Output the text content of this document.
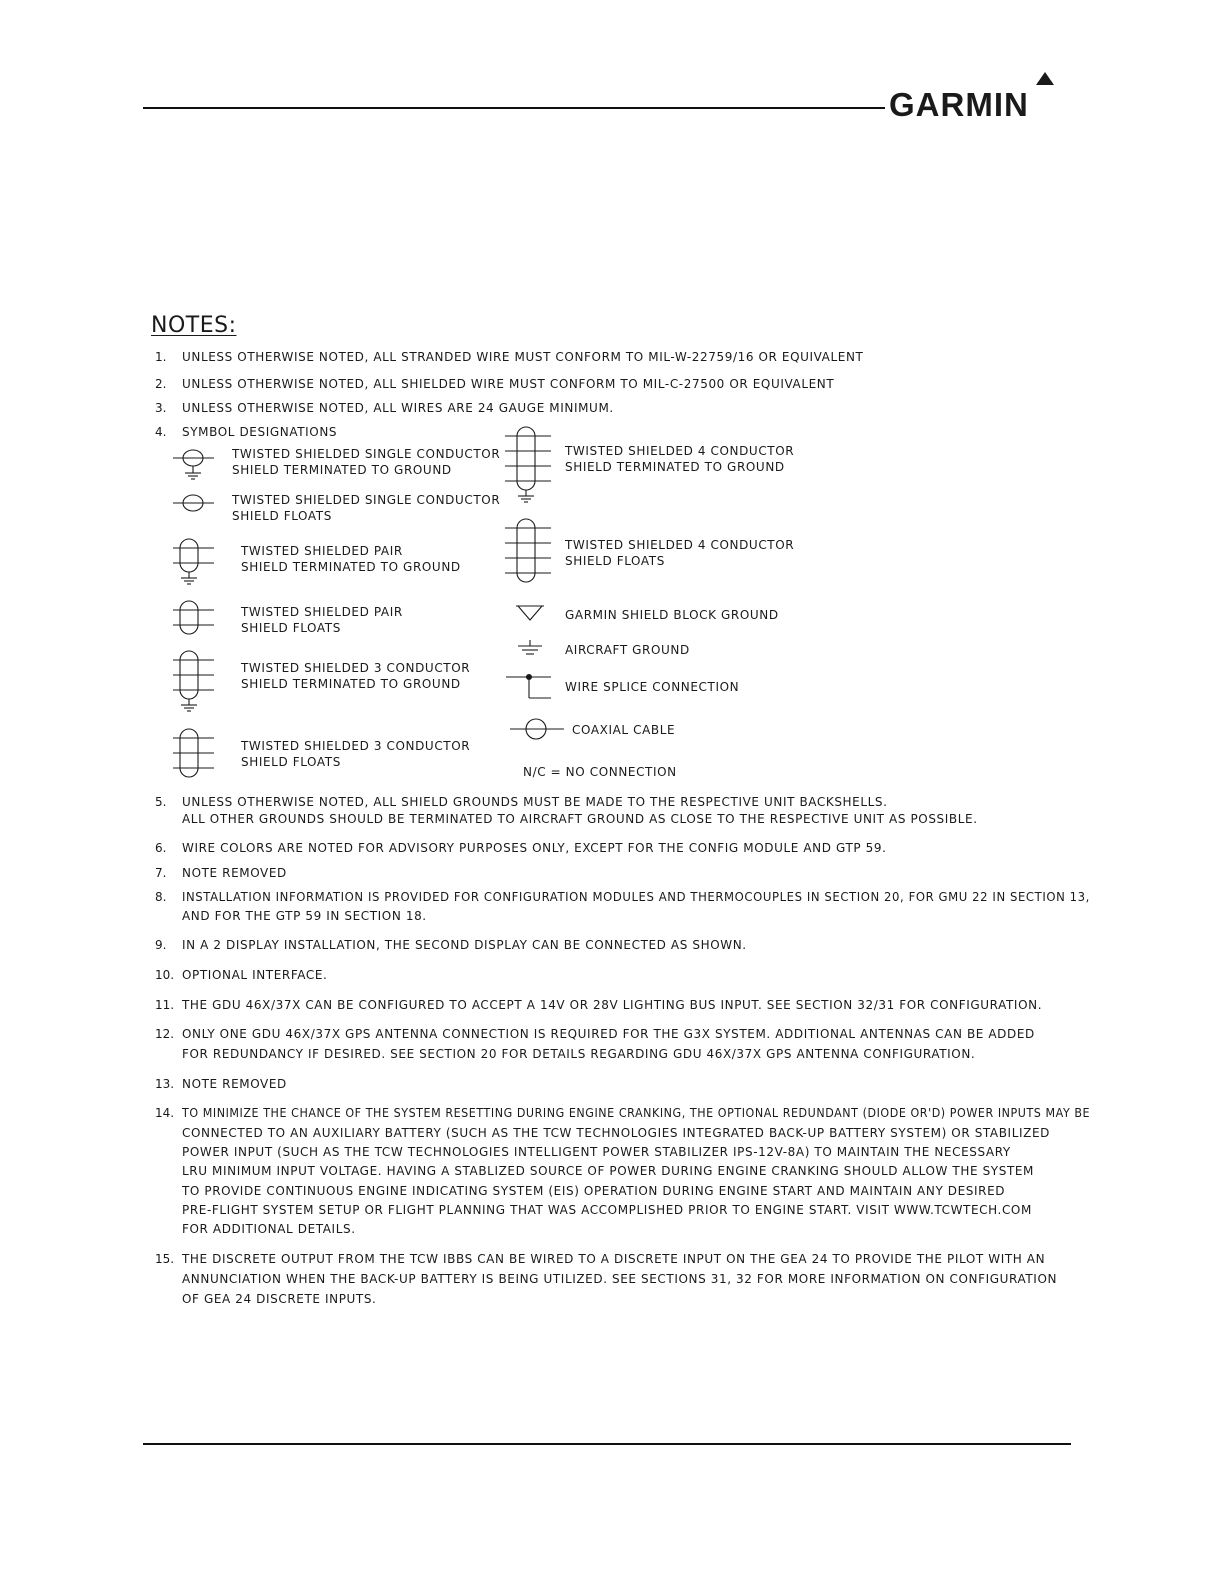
GARMIN
NOTES:
1. UNLESS OTHERWISE NOTED, ALL STRANDED WIRE MUST CONFORM TO MIL-W-22759/16 OR EQUIVALENT
2. UNLESS OTHERWISE NOTED, ALL SHIELDED WIRE MUST CONFORM TO MIL-C-27500 OR EQUIVALENT
3. UNLESS OTHERWISE NOTED, ALL WIRES ARE 24 GAUGE MINIMUM.
4. SYMBOL DESIGNATIONS
TWISTED SHIELDED SINGLE CONDUCTOR
SHIELD TERMINATED TO GROUND
TWISTED SHIELDED SINGLE CONDUCTOR
SHIELD FLOATS
TWISTED SHIELDED PAIR
SHIELD TERMINATED TO GROUND
TWISTED SHIELDED PAIR
SHIELD FLOATS
TWISTED SHIELDED 3 CONDUCTOR
SHIELD TERMINATED TO GROUND
TWISTED SHIELDED 3 CONDUCTOR
SHIELD FLOATS
TWISTED SHIELDED 4 CONDUCTOR
SHIELD TERMINATED TO GROUND
TWISTED SHIELDED 4 CONDUCTOR
SHIELD FLOATS
GARMIN SHIELD BLOCK GROUND
AIRCRAFT GROUND
WIRE SPLICE CONNECTION
COAXIAL CABLE
N/C = NO CONNECTION
5. UNLESS OTHERWISE NOTED, ALL SHIELD GROUNDS MUST BE MADE TO THE RESPECTIVE UNIT BACKSHELLS.
ALL OTHER GROUNDS SHOULD BE TERMINATED TO AIRCRAFT GROUND AS CLOSE TO THE RESPECTIVE UNIT AS POSSIBLE.
6. WIRE COLORS ARE NOTED FOR ADVISORY PURPOSES ONLY, EXCEPT FOR THE CONFIG MODULE AND GTP 59.
7. NOTE REMOVED
8. INSTALLATION INFORMATION IS PROVIDED FOR CONFIGURATION MODULES AND THERMOCOUPLES IN SECTION 20, FOR GMU 22 IN SECTION 13,
AND FOR THE GTP 59 IN SECTION 18.
9. IN A 2 DISPLAY INSTALLATION, THE SECOND DISPLAY CAN BE CONNECTED AS SHOWN.
10. OPTIONAL INTERFACE.
11. THE GDU 46X/37X CAN BE CONFIGURED TO ACCEPT A 14V OR 28V LIGHTING BUS INPUT. SEE SECTION 32/31 FOR CONFIGURATION.
12. ONLY ONE GDU 46X/37X GPS ANTENNA CONNECTION IS REQUIRED FOR THE G3X SYSTEM. ADDITIONAL ANTENNAS CAN BE ADDED
FOR REDUNDANCY IF DESIRED. SEE SECTION 20 FOR DETAILS REGARDING GDU 46X/37X GPS ANTENNA CONFIGURATION.
13. NOTE REMOVED
14. TO MINIMIZE THE CHANCE OF THE SYSTEM RESETTING DURING ENGINE CRANKING, THE OPTIONAL REDUNDANT (DIODE OR'D) POWER INPUTS MAY BE
CONNECTED TO AN AUXILIARY BATTERY (SUCH AS THE TCW TECHNOLOGIES INTEGRATED BACK-UP BATTERY SYSTEM) OR STABILIZED
POWER INPUT (SUCH AS THE TCW TECHNOLOGIES INTELLIGENT POWER STABILIZER IPS-12V-8A) TO MAINTAIN THE NECESSARY
LRU MINIMUM INPUT VOLTAGE. HAVING A STABLIZED SOURCE OF POWER DURING ENGINE CRANKING SHOULD ALLOW THE SYSTEM
TO PROVIDE CONTINUOUS ENGINE INDICATING SYSTEM (EIS) OPERATION DURING ENGINE START AND MAINTAIN ANY DESIRED
PRE-FLIGHT SYSTEM SETUP OR FLIGHT PLANNING THAT WAS ACCOMPLISHED PRIOR TO ENGINE START. VISIT WWW.TCWTECH.COM
FOR ADDITIONAL DETAILS.
15. THE DISCRETE OUTPUT FROM THE TCW IBBS CAN BE WIRED TO A DISCRETE INPUT ON THE GEA 24 TO PROVIDE THE PILOT WITH AN
ANNUNCIATION WHEN THE BACK-UP BATTERY IS BEING UTILIZED. SEE SECTIONS 31, 32 FOR MORE INFORMATION ON CONFIGURATION
OF GEA 24 DISCRETE INPUTS.
